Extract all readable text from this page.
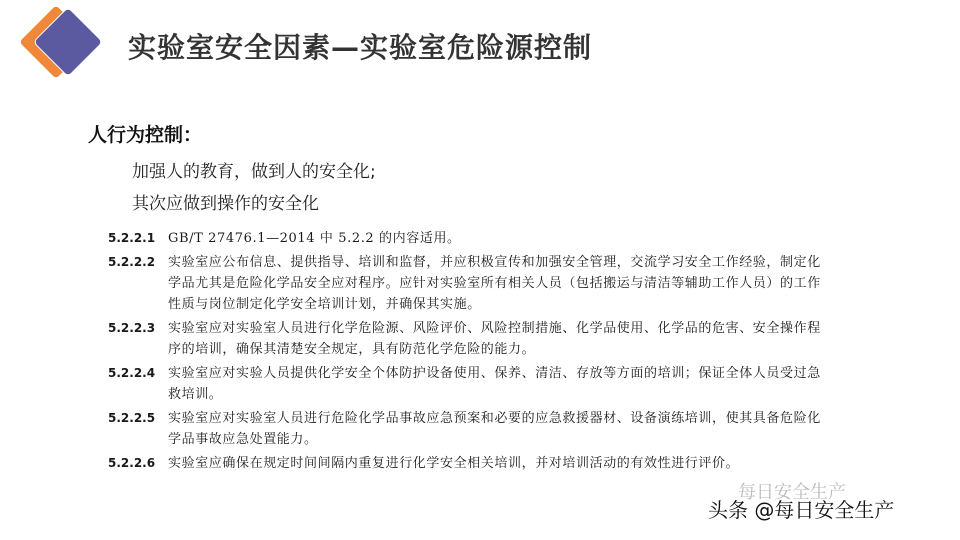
实验室安全因素—实验室危险源控制
人行为控制：
加强人的教育，做到人的安全化;
其次应做到操作的安全化
5.2.2.1 GB/T 27476.1—2014 中 5.2.2 的内容适用。
5.2.2.2 实验室应公布信息、提供指导、培训和监督，并应积极宣传和加强安全管理，交流学习安全工作经验，制定化学品尤其是危险化学品安全应对程序。应针对实验室所有相关人员（包括搬运与清洁等辅助工作人员）的工作性质与岗位制定化学安全培训计划，并确保其实施。
5.2.2.3 实验室应对实验室人员进行化学危险源、风险评价、风险控制措施、化学品使用、化学品的危害、安全操作程序的培训，确保其清楚安全规定，具有防范化学危险的能力。
5.2.2.4 实验室应对实验人员提供化学安全个体防护设备使用、保养、清洁、存放等方面的培训；保证全体人员受过急救培训。
5.2.2.5 实验室应对实验室人员进行危险化学品事故应急预案和必要的应急救援器材、设备演练培训，使其具备危险化学品事故应急处置能力。
5.2.2.6 实验室应确保在规定时间间隔内重复进行化学安全相关培训，并对培训活动的有效性进行评价。
每日安全生产
头条 @每日安全生产
